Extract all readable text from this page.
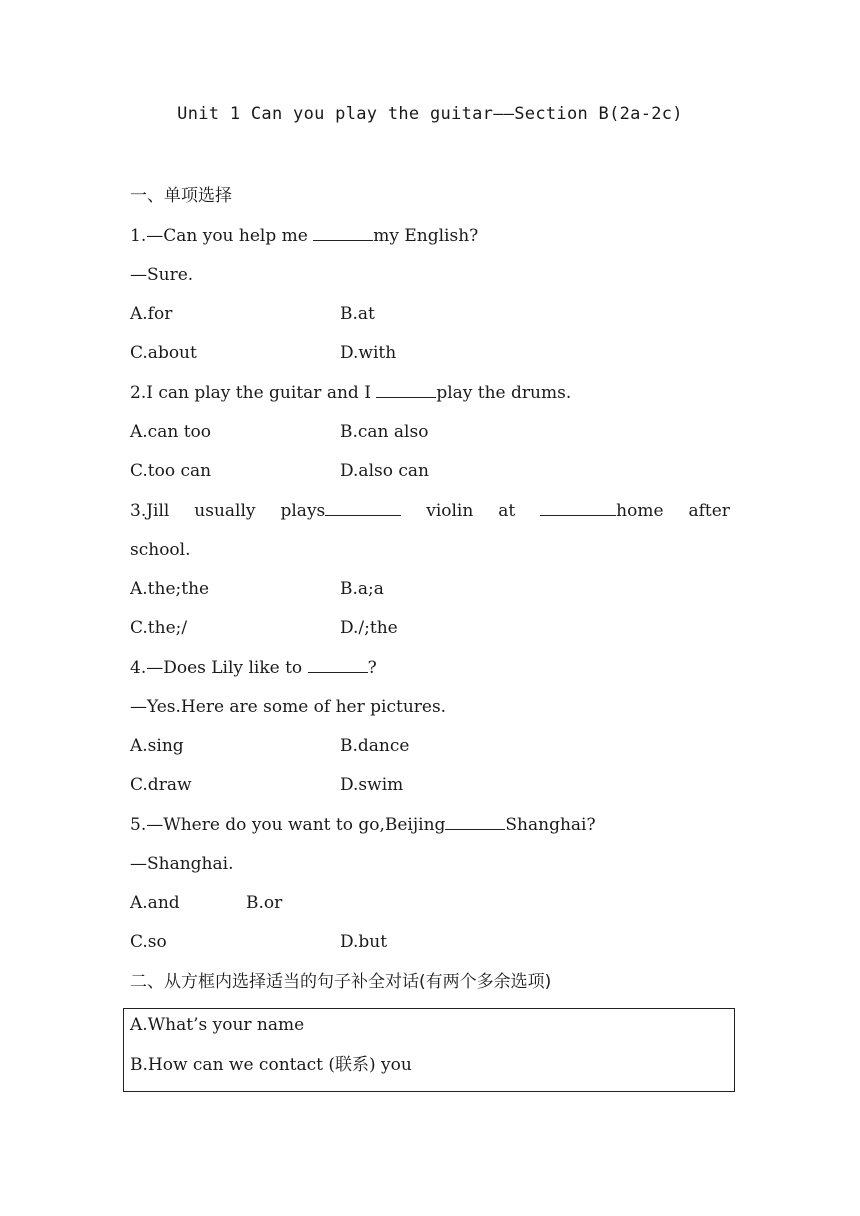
Unit 1 Can you play the guitar——Section B(2a-2c)
一、单项选择
1.—Can you help me	my English?
—Sure.
A.for	B.at
C.about	D.with
2.I can play the guitar and I	play the drums.
A.can too	B.can also
C.too can	D.also can
3.Jill usually plays	violin at	home after
school.
A.the;the	B.a;a
C.the;/	D./;the
4.—Does Lily like to	?
—Yes.Here are some of her pictures.
A.sing	B.dance
C.draw	D.swim
5.—Where do you want to go,Beijing	Shanghai?
—Shanghai.
A.and	B.or
C.so	D.but
二、从方框内选择适当的句子补全对话(有两个多余选项)
A.What’s your name
B.How can we contact (联系) you
